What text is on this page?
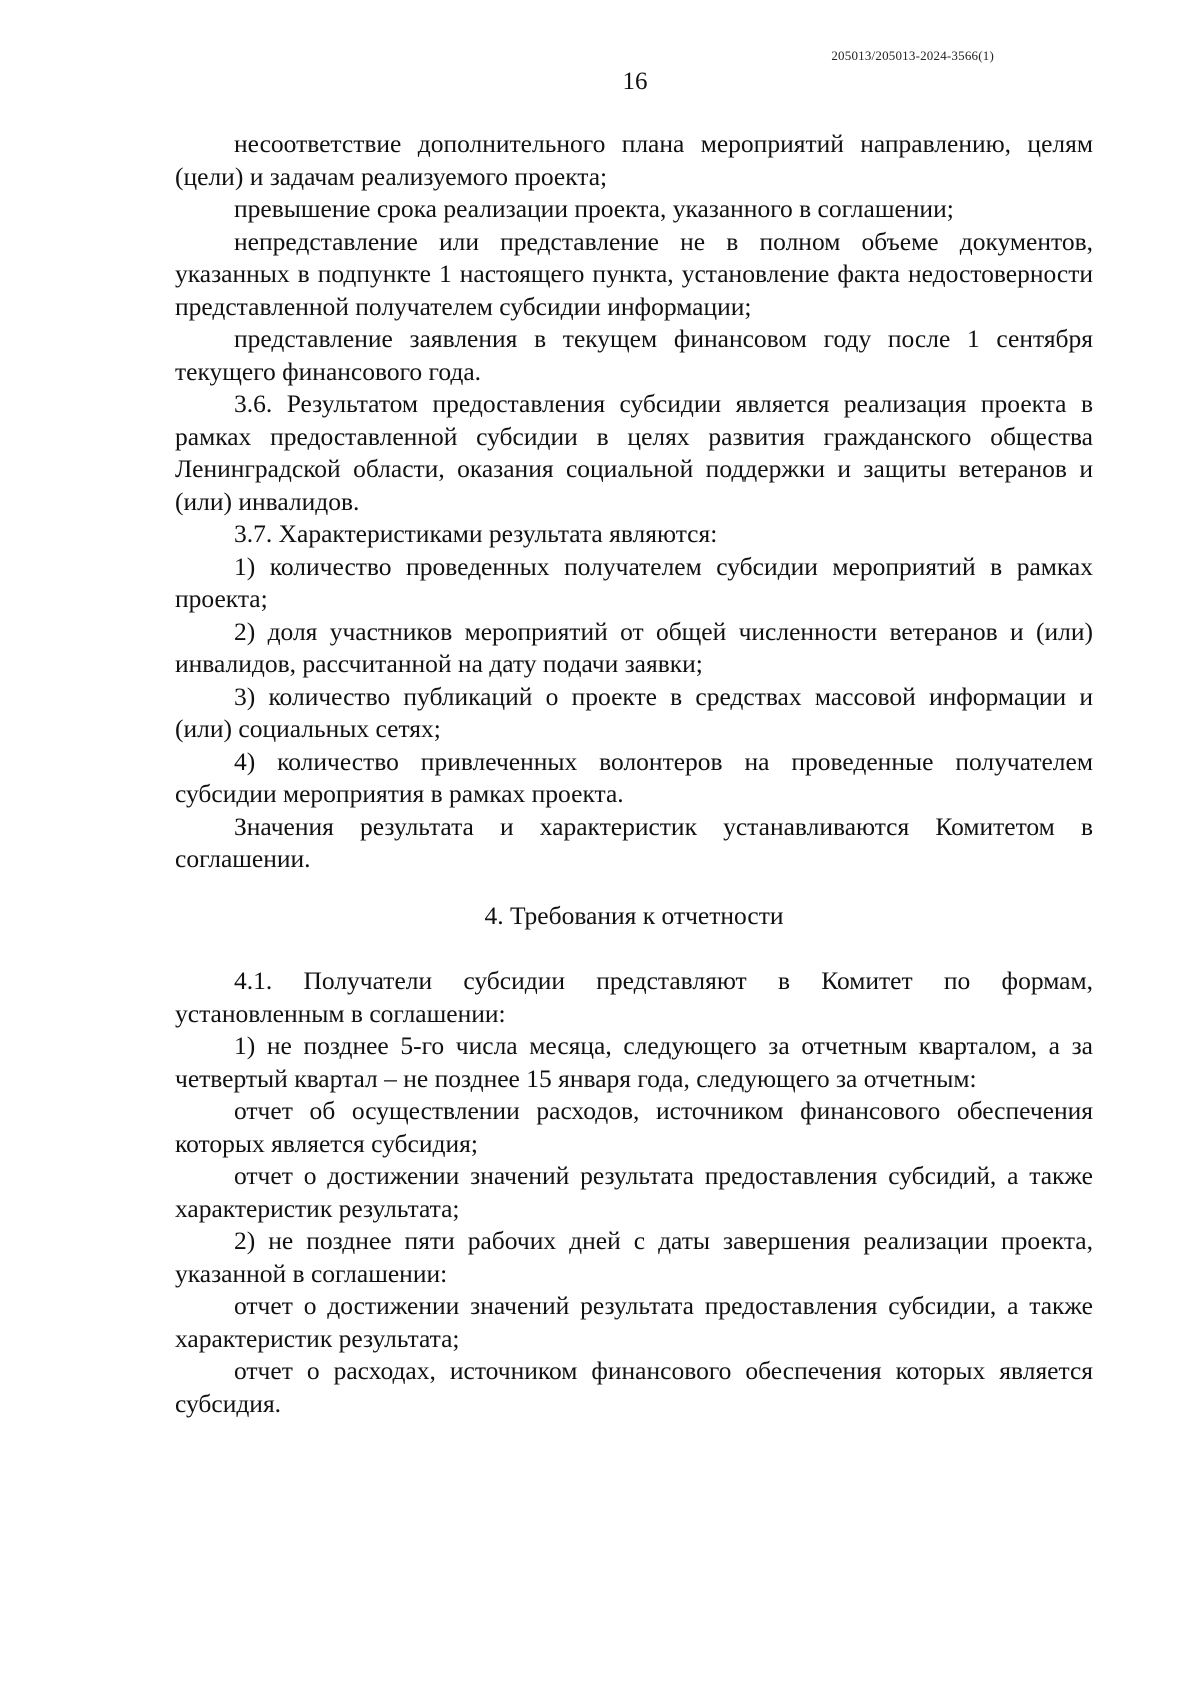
205013/205013-2024-3566(1)
16

несоответствие дополнительного плана мероприятий направлению, целям (цели) и задачам реализуемого проекта;

превышение срока реализации проекта, указанного в соглашении;

непредставление или представление не в полном объеме документов, указанных в подпункте 1 настоящего пункта, установление факта недостоверности представленной получателем субсидии информации;

представление заявления в текущем финансовом году после 1 сентября текущего финансового года.

3.6. Результатом предоставления субсидии является реализация проекта в рамках предоставленной субсидии в целях развития гражданского общества Ленинградской области, оказания социальной поддержки и защиты ветеранов и (или) инвалидов.

3.7. Характеристиками результата являются:

1) количество проведенных получателем субсидии мероприятий в рамках проекта;

2) доля участников мероприятий от общей численности ветеранов и (или) инвалидов, рассчитанной на дату подачи заявки;

3) количество публикаций о проекте в средствах массовой информации и (или) социальных сетях;

4) количество привлеченных волонтеров на проведенные получателем субсидии мероприятия в рамках проекта.

Значения результата и характеристик устанавливаются Комитетом в соглашении.

4. Требования к отчетности

4.1. Получатели субсидии представляют в Комитет по формам, установленным в соглашении:

1) не позднее 5-го числа месяца, следующего за отчетным кварталом, а за четвертый квартал – не позднее 15 января года, следующего за отчетным:

отчет об осуществлении расходов, источником финансового обеспечения которых является субсидия;

отчет о достижении значений результата предоставления субсидий, а также характеристик результата;

2) не позднее пяти рабочих дней с даты завершения реализации проекта, указанной в соглашении:

отчет о достижении значений результата предоставления субсидии, а также характеристик результата;

отчет о расходах, источником финансового обеспечения которых является субсидия.
